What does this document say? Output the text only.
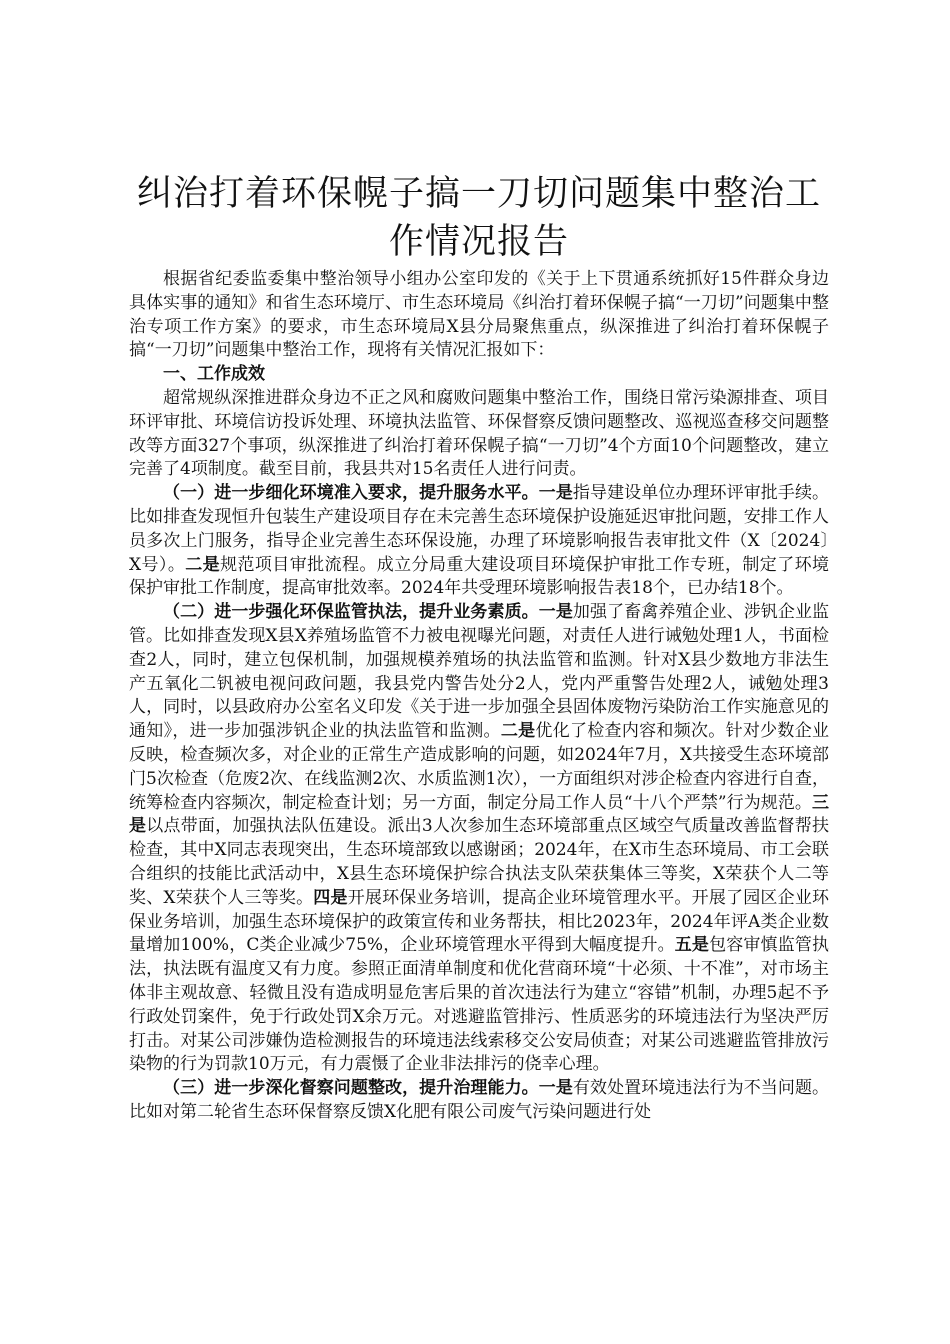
纠治打着环保幌子搞一刀切问题集中整治工作情况报告

根据省纪委监委集中整治领导小组办公室印发的《关于上下贯通系统抓好15件群众身边具体实事的通知》和省生态环境厅、市生态环境局《纠治打着环保幌子搞“一刀切”问题集中整治专项工作方案》的要求，市生态环境局X县分局聚焦重点，纵深推进了纠治打着环保幌子搞“一刀切”问题集中整治工作，现将有关情况汇报如下：

一、工作成效

超常规纵深推进群众身边不正之风和腐败问题集中整治工作，围绕日常污染源排查、项目环评审批、环境信访投诉处理、环境执法监管、环保督察反馈问题整改、巡视巡查移交问题整改等方面327个事项，纵深推进了纠治打着环保幌子搞“一刀切”4个方面10个问题整改，建立完善了4项制度。截至目前，我县共对15名责任人进行问责。

（一）进一步细化环境准入要求，提升服务水平。一是指导建设单位办理环评审批手续。比如排查发现恒升包装生产建设项目存在未完善生态环境保护设施延迟审批问题，安排工作人员多次上门服务，指导企业完善生态环保设施，办理了环境影响报告表审批文件（X〔2024〕X号）。二是规范项目审批流程。成立分局重大建设项目环境保护审批工作专班，制定了环境保护审批工作制度，提高审批效率。2024年共受理环境影响报告表18个，已办结18个。

（二）进一步强化环保监管执法，提升业务素质。一是加强了畜禽养殖企业、涉钒企业监管。比如排查发现X县X养殖场监管不力被电视曝光问题，对责任人进行诫勉处理1人，书面检查2人，同时，建立包保机制，加强规模养殖场的执法监管和监测。针对X县少数地方非法生产五氧化二钒被电视问政问题，我县党内警告处分2人，党内严重警告处理2人，诫勉处理3人，同时，以县政府办公室名义印发《关于进一步加强全县固体废物污染防治工作实施意见的通知》，进一步加强涉钒企业的执法监管和监测。二是优化了检查内容和频次。针对少数企业反映，检查频次多，对企业的正常生产造成影响的问题，如2024年7月，X共接受生态环境部门5次检查（危废2次、在线监测2次、水质监测1次），一方面组织对涉企检查内容进行自查，统筹检查内容频次，制定检查计划；另一方面，制定分局工作人员“十八个严禁”行为规范。三是以点带面，加强执法队伍建设。派出3人次参加生态环境部重点区域空气质量改善监督帮扶检查，其中X同志表现突出，生态环境部致以感谢函；2024年，在X市生态环境局、市工会联合组织的技能比武活动中，X县生态环境保护综合执法支队荣获集体三等奖，X荣获个人二等奖、X荣获个人三等奖。四是开展环保业务培训，提高企业环境管理水平。开展了园区企业环保业务培训，加强生态环境保护的政策宣传和业务帮扶，相比2023年，2024年评A类企业数量增加100%，C类企业减少75%，企业环境管理水平得到大幅度提升。五是包容审慎监管执法，执法既有温度又有力度。参照正面清单制度和优化营商环境“十必须、十不准”，对市场主体非主观故意、轻微且没有造成明显危害后果的首次违法行为建立“容错”机制，办理5起不予行政处罚案件，免于行政处罚X余万元。对逃避监管排污、性质恶劣的环境违法行为坚决严厉打击。对某公司涉嫌伪造检测报告的环境违法线索移交公安局侦查；对某公司逃避监管排放污染物的行为罚款10万元，有力震慑了企业非法排污的侥幸心理。

（三）进一步深化督察问题整改，提升治理能力。一是有效处置环境违法行为不当问题。比如对第二轮省生态环保督察反馈X化肥有限公司废气污染问题进行处
